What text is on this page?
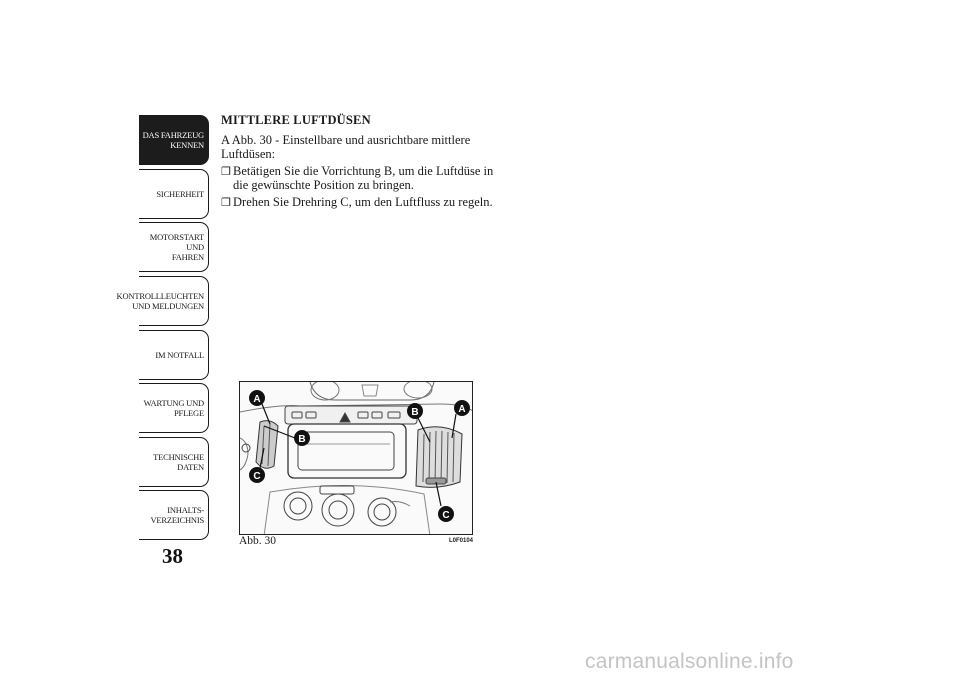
DAS FAHRZEUG
KENNEN
SICHERHEIT
MOTORSTART UND
FAHREN
KONTROLLLEUCHTEN
UND MELDUNGEN
IM NOTFALL
WARTUNG UND
PFLEGE
TECHNISCHE
DATEN
INHALTS-
VERZEICHNIS
38
MITTLERE LUFTDÜSEN
A Abb. 30 - Einstellbare und ausrichtbare mittlere Luftdüsen:
❐ Betätigen Sie die Vorrichtung B, um die Luftdüse in die gewünschte Position zu bringen.
❐ Drehen Sie Drehring C, um den Luftfluss zu regeln.
A
B
C
B	A
C
Abb. 30	L0F0104
carmanualsonline.info
